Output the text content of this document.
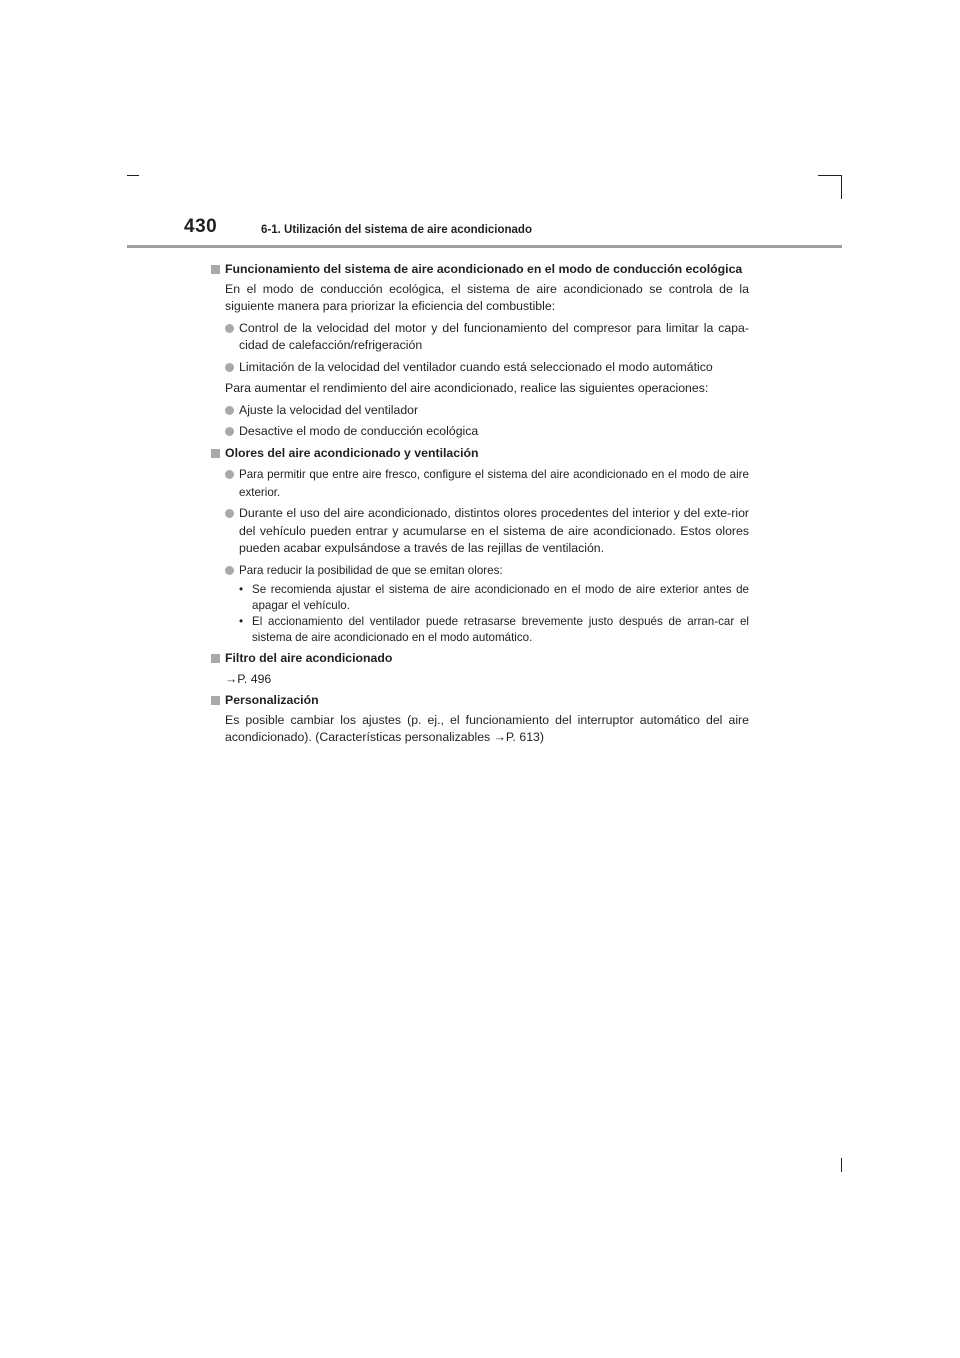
430	6-1. Utilización del sistema de aire acondicionado
Funcionamiento del sistema de aire acondicionado en el modo de conducción ecológica
En el modo de conducción ecológica, el sistema de aire acondicionado se controla de la siguiente manera para priorizar la eficiencia del combustible:
Control de la velocidad del motor y del funcionamiento del compresor para limitar la capa-cidad de calefacción/refrigeración
Limitación de la velocidad del ventilador cuando está seleccionado el modo automático
Para aumentar el rendimiento del aire acondicionado, realice las siguientes operaciones:
Ajuste la velocidad del ventilador
Desactive el modo de conducción ecológica
Olores del aire acondicionado y ventilación
Para permitir que entre aire fresco, configure el sistema del aire acondicionado en el modo de aire exterior.
Durante el uso del aire acondicionado, distintos olores procedentes del interior y del exte-rior del vehículo pueden entrar y acumularse en el sistema de aire acondicionado. Estos olores pueden acabar expulsándose a través de las rejillas de ventilación.
Para reducir la posibilidad de que se emitan olores:
• Se recomienda ajustar el sistema de aire acondicionado en el modo de aire exterior antes de apagar el vehículo.
• El accionamiento del ventilador puede retrasarse brevemente justo después de arran-car el sistema de aire acondicionado en el modo automático.
Filtro del aire acondicionado
→P. 496
Personalización
Es posible cambiar los ajustes (p. ej., el funcionamiento del interruptor automático del aire acondicionado). (Características personalizables →P. 613)
